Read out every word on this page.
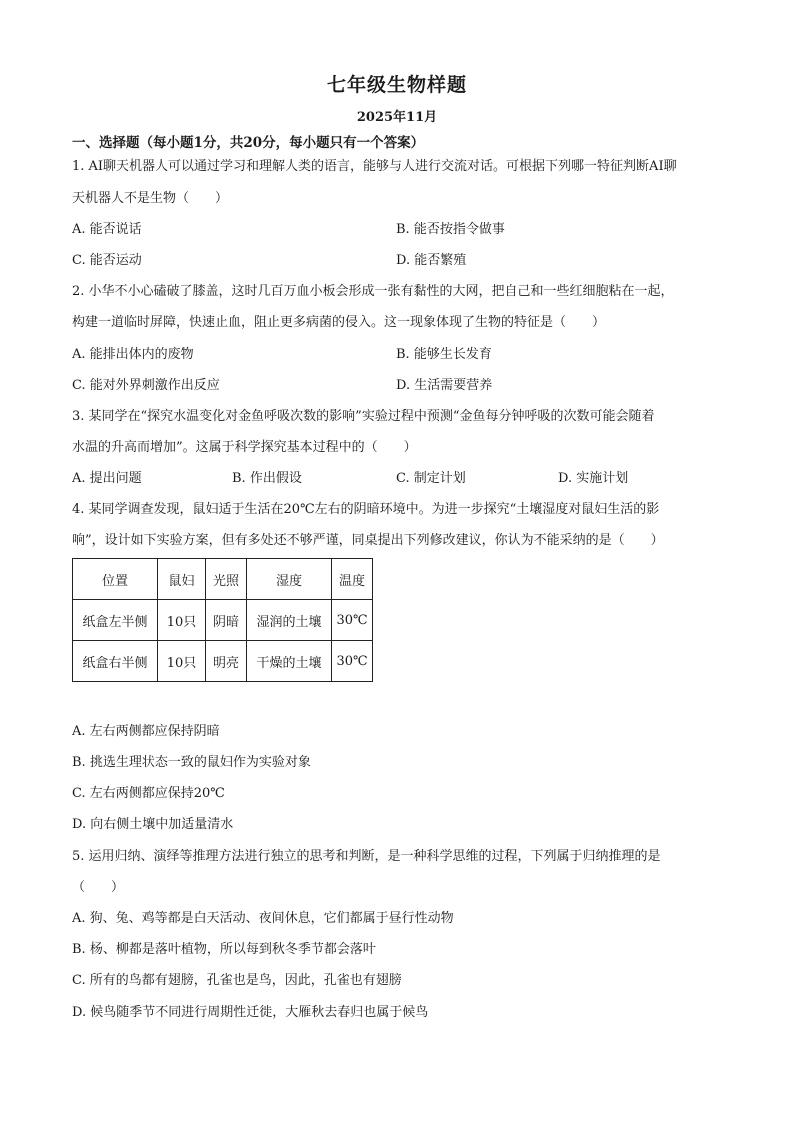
七年级生物样题
2025年11月
一、选择题（每小题1分，共20分，每小题只有一个答案）
1. AI聊天机器人可以通过学习和理解人类的语言，能够与人进行交流对话。可根据下列哪一特征判断AI聊
天机器人不是生物（　　）
A. 能否说话	B. 能否按指令做事
C. 能否运动	D. 能否繁殖
2. 小华不小心磕破了膝盖，这时几百万血小板会形成一张有黏性的大网，把自己和一些红细胞粘在一起，
构建一道临时屏障，快速止血，阻止更多病菌的侵入。这一现象体现了生物的特征是（　　）
A. 能排出体内的废物	B. 能够生长发育
C. 能对外界刺激作出反应	D. 生活需要营养
3. 某同学在“探究水温变化对金鱼呼吸次数的影响”实验过程中预测“金鱼每分钟呼吸的次数可能会随着
水温的升高而增加”。这属于科学探究基本过程中的（　　）
A. 提出问题	B. 作出假设	C. 制定计划	D. 实施计划
4. 某同学调查发现，鼠妇适于生活在20℃左右的阴暗环境中。为进一步探究“土壤湿度对鼠妇生活的影
响”，设计如下实验方案，但有多处还不够严谨，同桌提出下列修改建议，你认为不能采纳的是（　　）
位置	鼠妇	光照	湿度	温度
纸盒左半侧	10只	阴暗	湿润的土壤	30℃
纸盒右半侧	10只	明亮	干燥的土壤	30℃
A. 左右两侧都应保持阴暗
B. 挑选生理状态一致的鼠妇作为实验对象
C. 左右两侧都应保持20℃
D. 向右侧土壤中加适量清水
5. 运用归纳、演绎等推理方法进行独立的思考和判断，是一种科学思维的过程，下列属于归纳推理的是
（　　）
A. 狗、兔、鸡等都是白天活动、夜间休息，它们都属于昼行性动物
B. 杨、柳都是落叶植物，所以每到秋冬季节都会落叶
C. 所有的鸟都有翅膀，孔雀也是鸟，因此，孔雀也有翅膀
D. 候鸟随季节不同进行周期性迁徙，大雁秋去春归也属于候鸟
